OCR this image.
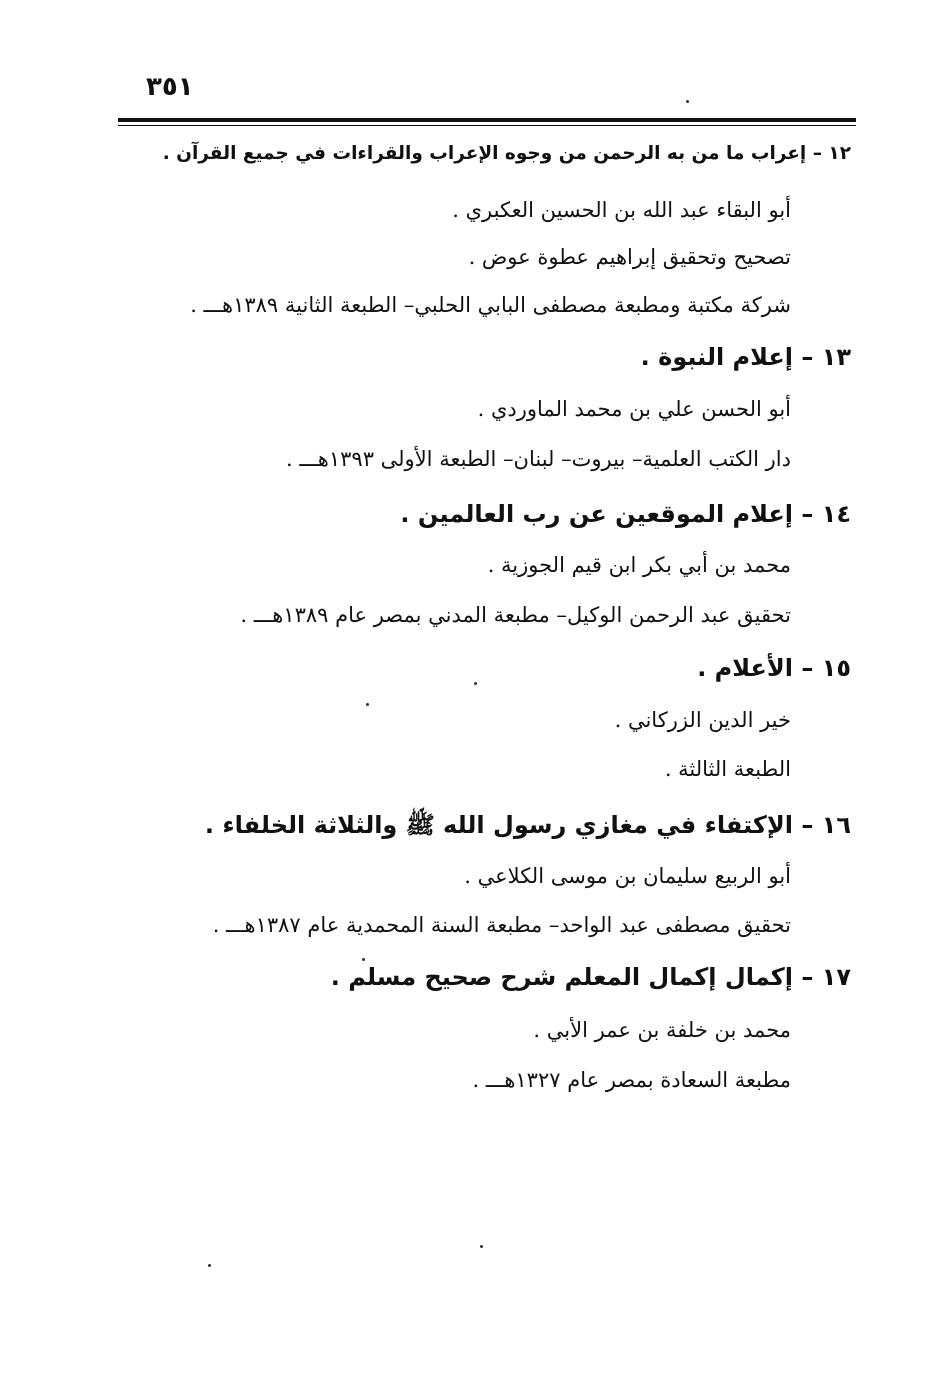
٣٥١
١٢ – إعراب ما من به الرحمن من وجوه الإعراب والقراءات في جميع القرآن .
أبو البقاء عبد الله بن الحسين العكبري .
تصحيح وتحقيق إبراهيم عطوة عوض .
شركة مكتبة ومطبعة مصطفى البابي الحلبي– الطبعة الثانية ١٣٨٩هـــ .
١٣ – إعلام النبوة .
أبو الحسن علي بن محمد الماوردي .
دار الكتب العلمية– بيروت– لبنان– الطبعة الأولى ١٣٩٣هـــ .
١٤ – إعلام الموقعين عن رب العالمين .
محمد بن أبي بكر ابن قيم الجوزية .
تحقيق عبد الرحمن الوكيل– مطبعة المدني بمصر عام ١٣٨٩هـــ .
١٥ – الأعلام .
خير الدين الزركاني .
الطبعة الثالثة .
١٦ – الإكتفاء في مغازي رسول الله ﷺ والثلاثة الخلفاء .
أبو الربيع سليمان بن موسى الكلاعي .
تحقيق مصطفى عبد الواحد– مطبعة السنة المحمدية عام ١٣٨٧هـــ .
١٧ – إكمال إكمال المعلم شرح صحيح مسلم .
محمد بن خلفة بن عمر الأبي .
مطبعة السعادة بمصر عام ١٣٢٧هـــ .
